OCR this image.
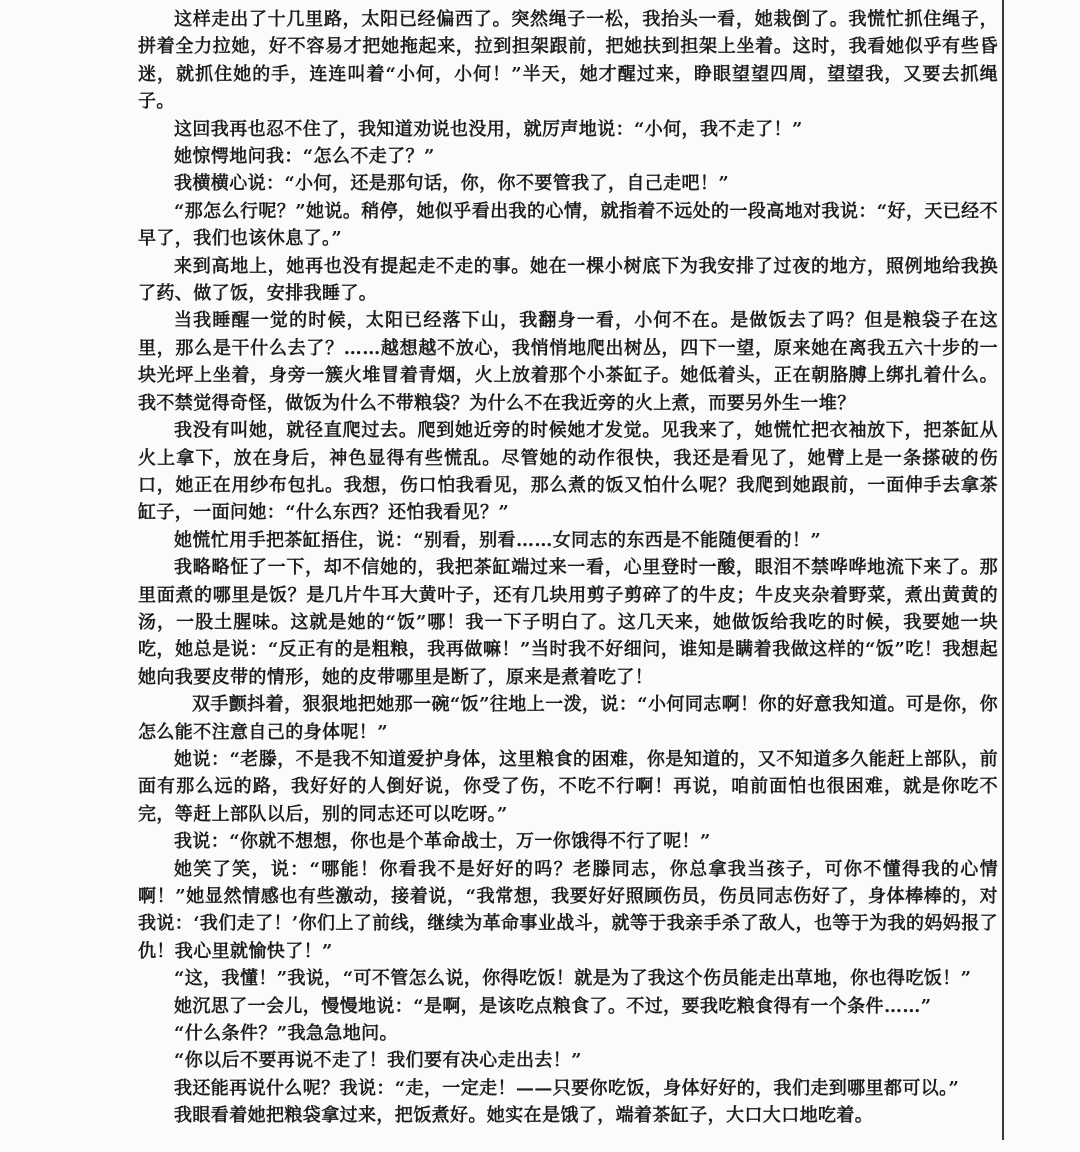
这样走出了十几里路，太阳已经偏西了。突然绳子一松，我抬头一看，她栽倒了。我慌忙抓住绳子，拼着全力拉她，好不容易才把她拖起来，拉到担架跟前，把她扶到担架上坐着。这时，我看她似乎有些昏迷，就抓住她的手，连连叫着“小何，小何！”半天，她才醒过来，睁眼望望四周，望望我，又要去抓绳子。

这回我再也忍不住了，我知道劝说也没用，就厉声地说：“小何，我不走了！”

她惊愕地问我：“怎么不走了？”

我横横心说：“小何，还是那句话，你，你不要管我了，自己走吧！”

“那怎么行呢？”她说。稍停，她似乎看出我的心情，就指着不远处的一段高地对我说：“好，天已经不早了，我们也该休息了。”

来到高地上，她再也没有提起走不走的事。她在一棵小树底下为我安排了过夜的地方，照例地给我换了药、做了饭，安排我睡了。

当我睡醒一觉的时候，太阳已经落下山，我翻身一看，小何不在。是做饭去了吗？但是粮袋子在这里，那么是干什么去了？……越想越不放心，我悄悄地爬出树丛，四下一望，原来她在离我五六十步的一块光坪上坐着，身旁一簇火堆冒着青烟，火上放着那个小茶缸子。她低着头，正在朝胳膊上绑扎着什么。我不禁觉得奇怪，做饭为什么不带粮袋？为什么不在我近旁的火上煮，而要另外生一堆？

我没有叫她，就径直爬过去。爬到她近旁的时候她才发觉。见我来了，她慌忙把衣袖放下，把茶缸从火上拿下，放在身后，神色显得有些慌乱。尽管她的动作很快，我还是看见了，她臂上是一条搽破的伤口，她正在用纱布包扎。我想，伤口怕我看见，那么煮的饭又怕什么呢？我爬到她跟前，一面伸手去拿茶缸子，一面问她：“什么东西？还怕我看见？”

她慌忙用手把茶缸捂住，说：“别看，别看……女同志的东西是不能随便看的！”

我略略怔了一下，却不信她的，我把茶缸端过来一看，心里登时一酸，眼泪不禁哗哗地流下来了。那里面煮的哪里是饭？是几片牛耳大黄叶子，还有几块用剪子剪碎了的牛皮；牛皮夹杂着野菜，煮出黄黄的汤，一股土腥味。这就是她的“饭”哪！我一下子明白了。这几天来，她做饭给我吃的时候，我要她一块吃，她总是说：“反正有的是粗粮，我再做嘛！”当时我不好细问，谁知是瞒着我做这样的“饭”吃！我想起她向我要皮带的情形，她的皮带哪里是断了，原来是煮着吃了！

双手颤抖着，狠狠地把她那一碗“饭”往地上一泼，说：“小何同志啊！你的好意我知道。可是你，你怎么能不注意自己的身体呢！”

她说：“老滕，不是我不知道爱护身体，这里粮食的困难，你是知道的，又不知道多久能赶上部队，前面有那么远的路，我好好的人倒好说，你受了伤，不吃不行啊！再说，咱前面怕也很困难，就是你吃不完，等赶上部队以后，别的同志还可以吃呀。”

我说：“你就不想想，你也是个革命战士，万一你饿得不行了呢！”

她笑了笑，说：“哪能！你看我不是好好的吗？老滕同志，你总拿我当孩子，可你不懂得我的心情啊！”她显然情感也有些激动，接着说，“我常想，我要好好照顾伤员，伤员同志伤好了，身体棒棒的，对我说：‘我们走了！’你们上了前线，继续为革命事业战斗，就等于我亲手杀了敌人，也等于为我的妈妈报了仇！我心里就愉快了！”

“这，我懂！”我说，“可不管怎么说，你得吃饭！就是为了我这个伤员能走出草地，你也得吃饭！”

她沉思了一会儿，慢慢地说：“是啊，是该吃点粮食了。不过，要我吃粮食得有一个条件……”

“什么条件？”我急急地问。

“你以后不要再说不走了！我们要有决心走出去！”

我还能再说什么呢？我说：“走，一定走！——只要你吃饭，身体好好的，我们走到哪里都可以。”

我眼看着她把粮袋拿过来，把饭煮好。她实在是饿了，端着茶缸子，大口大口地吃着。
